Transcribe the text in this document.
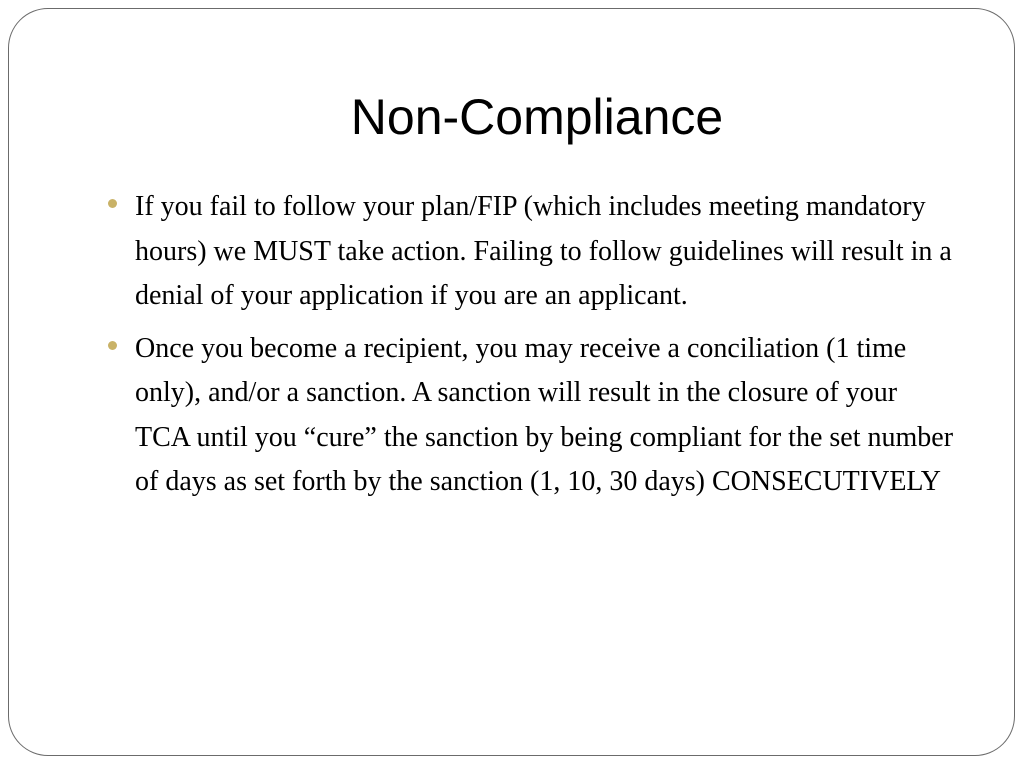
Non-Compliance
If you fail to follow your plan/FIP (which includes meeting mandatory hours) we MUST take action. Failing to follow guidelines will result in a denial of your application if you are an applicant.
Once you become a recipient, you may receive a conciliation (1 time only), and/or a sanction. A sanction will result in the closure of your TCA until you “cure” the sanction by being compliant for the set number of days as set forth by the sanction (1, 10, 30 days) CONSECUTIVELY
